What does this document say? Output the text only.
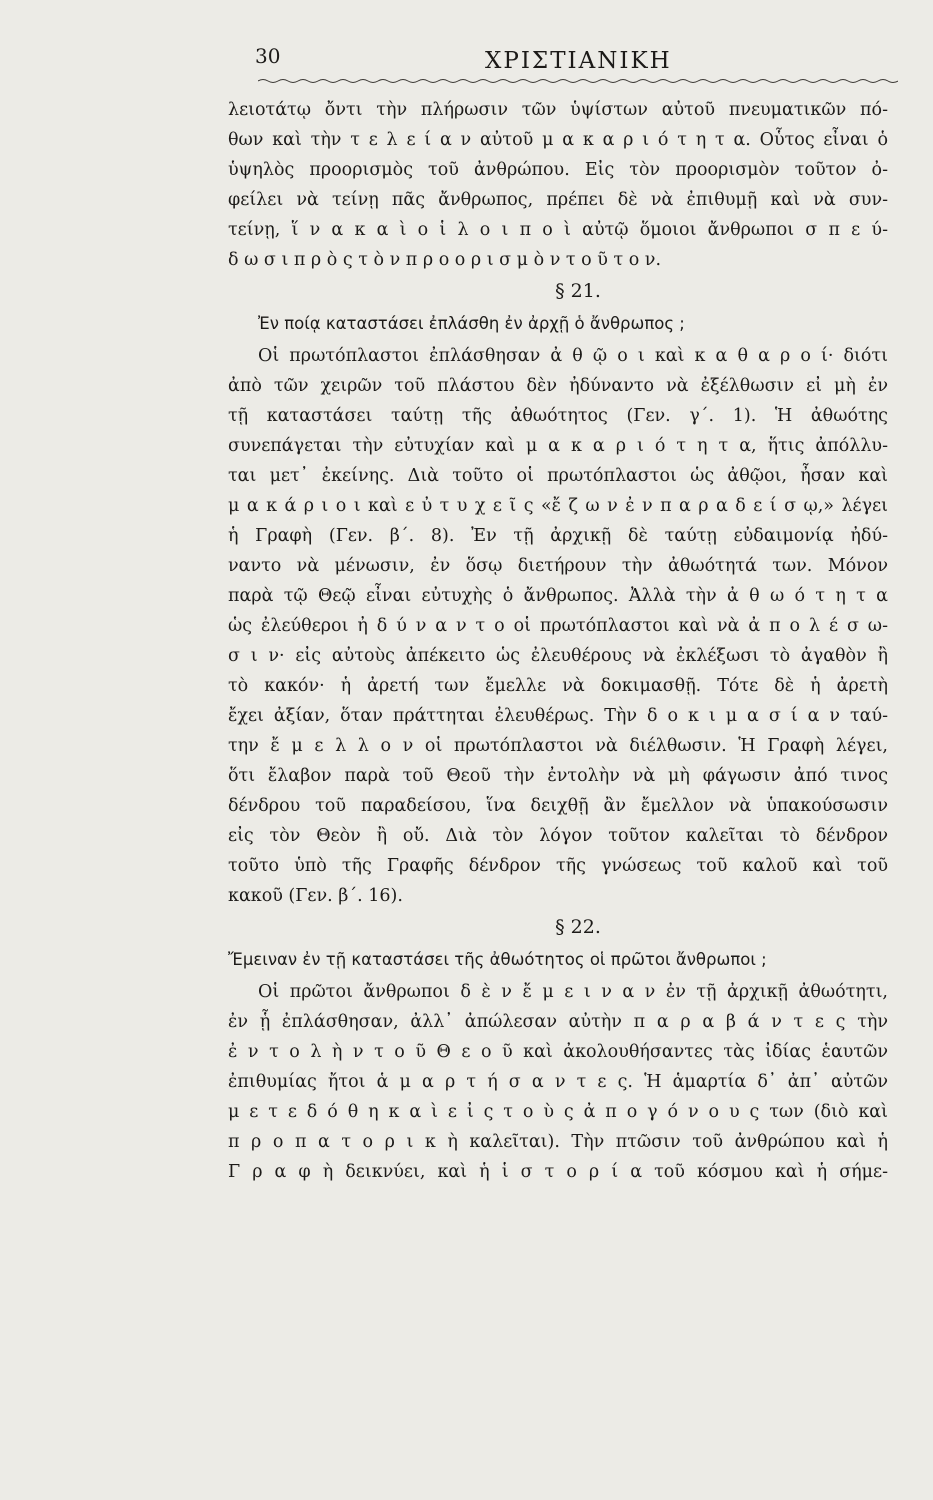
30	ΧΡΙΣΤΙΑΝΙΚΗ
λειοτάτῳ ὄντι τὴν πλήρωσιν τῶν ὑψίστων αὐτοῦ πνευματικῶν πό-
θων καὶ τὴν τ ε λ ε ί α ν αὐτοῦ μ α κ α ρ ι ό τ η τ α. Οὗτος εἶναι ὁ
ὑψηλὸς προορισμὸς τοῦ ἀνθρώπου. Εἰς τὸν προορισμὸν τοῦτον ὀ-
φείλει νὰ τείνῃ πᾶς ἄνθρωπος, πρέπει δὲ νὰ ἐπιθυμῇ καὶ νὰ συν-
τείνῃ, ἵ ν α κ α ὶ ο ἱ λ ο ι π ο ὶ αὐτῷ ὅμοιοι ἄνθρωποι σ π ε ύ-
δ ω σ ι π ρ ὸ ς τ ὸ ν π ρ ο ο ρ ι σ μ ὸ ν τ ο ῦ τ ο ν.
§ 21.
Ἐν ποίᾳ καταστάσει ἐπλάσθη ἐν ἀρχῇ ὁ ἄνθρωπος ;
Οἱ πρωτόπλαστοι ἐπλάσθησαν ἀ θ ῷ ο ι καὶ κ α θ α ρ ο ί· διότι
ἀπὸ τῶν χειρῶν τοῦ πλάστου δὲν ἠδύναντο νὰ ἐξέλθωσιν εἰ μὴ ἐν
τῇ καταστάσει ταύτῃ τῆς ἀθωότητος (Γεν. γ΄. 1). Ἡ ἀθωότης
συνεπάγεται τὴν εὐτυχίαν καὶ μ α κ α ρ ι ό τ η τ α, ἥτις ἀπόλλυ-
ται μετ᾽ ἐκείνης. Διὰ τοῦτο οἱ πρωτόπλαστοι ὡς ἀθῷοι, ἦσαν καὶ
μ α κ ά ρ ι ο ι καὶ ε ὐ τ υ χ ε ῖ ς «ἔ ζ ω ν ἐ ν π α ρ α δ ε ί σ ῳ,» λέγει
ἡ Γραφὴ (Γεν. β΄. 8). Ἐν τῇ ἀρχικῇ δὲ ταύτῃ εὐδαιμονίᾳ ἠδύ-
ναντο νὰ μένωσιν, ἐν ὅσῳ διετήρουν τὴν ἀθωότητά των. Μόνον
παρὰ τῷ Θεῷ εἶναι εὐτυχὴς ὁ ἄνθρωπος. Ἀλλὰ τὴν ἀ θ ω ό τ η τ α
ὡς ἐλεύθεροι ἠ δ ύ ν α ν τ ο οἱ πρωτόπλαστοι καὶ νὰ ἀ π ο λ έ σ ω-
σ ι ν· εἰς αὐτοὺς ἀπέκειτο ὡς ἐλευθέρους νὰ ἐκλέξωσι τὸ ἀγαθὸν ἢ
τὸ κακόν· ἡ ἀρετή των ἔμελλε νὰ δοκιμασθῇ. Τότε δὲ ἡ ἀρετὴ
ἔχει ἀξίαν, ὅταν πράττηται ἐλευθέρως. Τὴν δ ο κ ι μ α σ ί α ν ταύ-
την ἔ μ ε λ λ ο ν οἱ πρωτόπλαστοι νὰ διέλθωσιν. Ἡ Γραφὴ λέγει,
ὅτι ἔλαβον παρὰ τοῦ Θεοῦ τὴν ἐντολὴν νὰ μὴ φάγωσιν ἀπό τινος
δένδρου τοῦ παραδείσου, ἵνα δειχθῇ ἂν ἔμελλον νὰ ὑπακούσωσιν
εἰς τὸν Θεὸν ἢ οὔ. Διὰ τὸν λόγον τοῦτον καλεῖται τὸ δένδρον
τοῦτο ὑπὸ τῆς Γραφῆς δένδρον τῆς γνώσεως τοῦ καλοῦ καὶ τοῦ
κακοῦ (Γεν. β΄. 16).
§ 22.
Ἔμειναν ἐν τῇ καταστάσει τῆς ἀθωότητος οἱ πρῶτοι ἄνθρωποι ;
Οἱ πρῶτοι ἄνθρωποι δ ὲ ν ἔ μ ε ι ν α ν ἐν τῇ ἀρχικῇ ἀθωότητι,
ἐν ᾗ ἐπλάσθησαν, ἀλλ᾽ ἀπώλεσαν αὐτὴν π α ρ α β ά ν τ ε ς τὴν
ἐ ν τ ο λ ὴ ν τ ο ῦ Θ ε ο ῦ καὶ ἀκολουθήσαντες τὰς ἰδίας ἑαυτῶν
ἐπιθυμίας ἤτοι ἁ μ α ρ τ ή σ α ν τ ε ς. Ἡ ἁμαρτία δ᾽ ἀπ᾽ αὐτῶν
μ ε τ ε δ ό θ η κ α ὶ ε ἰ ς τ ο ὺ ς ἀ π ο γ ό ν ο υ ς των (διὸ καὶ
π ρ ο π α τ ο ρ ι κ ὴ καλεῖται). Τὴν πτῶσιν τοῦ ἀνθρώπου καὶ ἡ
Γ ρ α φ ὴ δεικνύει, καὶ ἡ ἱ σ τ ο ρ ί α τοῦ κόσμου καὶ ἡ σήμε-
